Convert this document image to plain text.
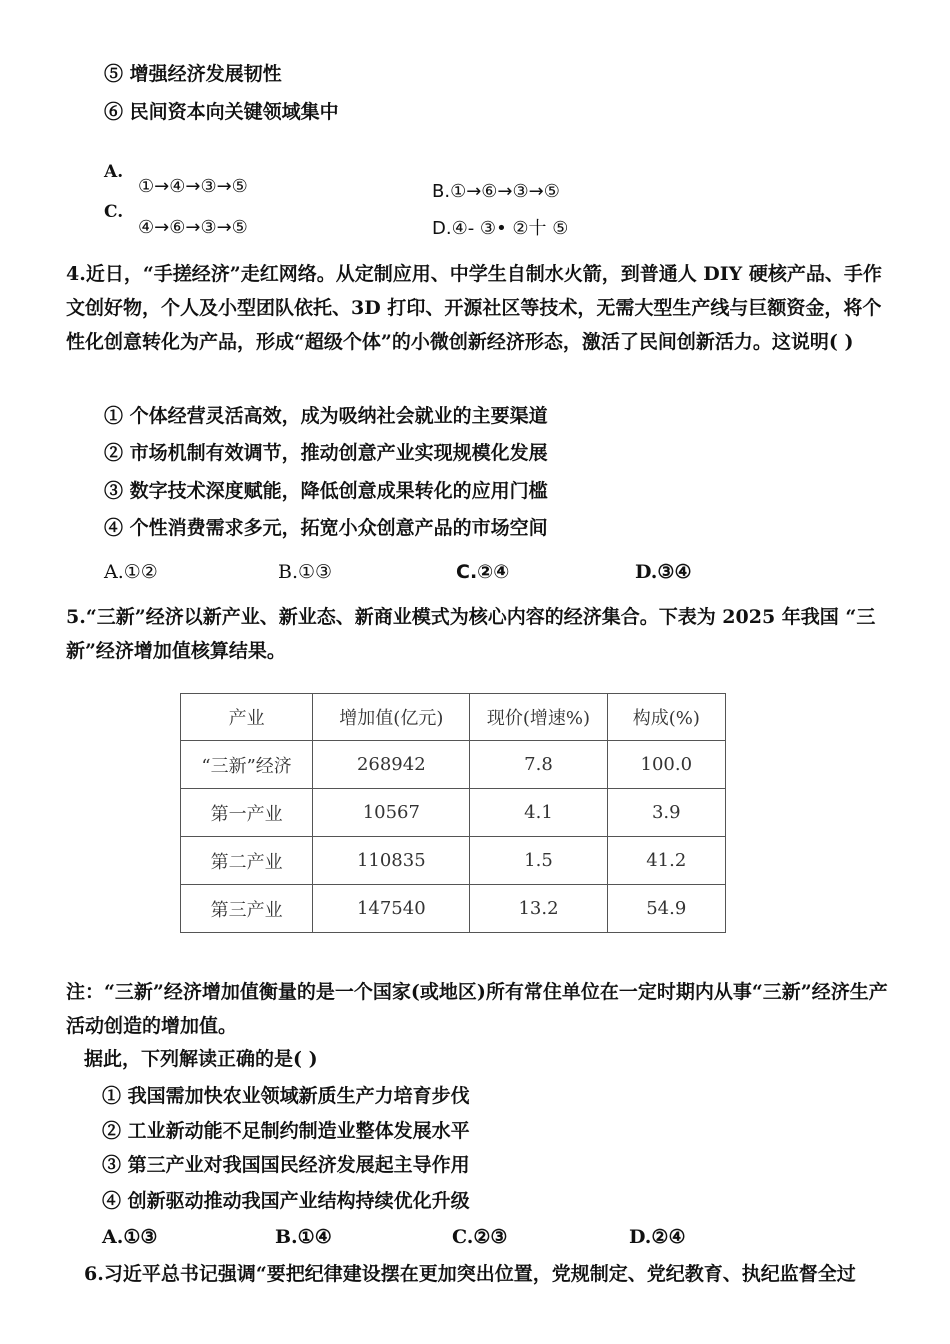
⑤ 增强经济发展韧性
⑥ 民间资本向关键领域集中
A.
①→④→③→⑤
C.
④→⑥→③→⑤
B.①→⑥→③→⑤
D.④- ③• ②十 ⑤
4.近日，“手搓经济”走红网络。从定制应用、中学生自制水火箭，到普通人 DIY 硬核产品、手作文创好物，个人及小型团队依托、3D 打印、开源社区等技术，无需大型生产线与巨额资金，将个性化创意转化为产品，形成“超级个体”的小微创新经济形态，激活了民间创新活力。这说明( )
① 个体经营灵活高效，成为吸纳社会就业的主要渠道
② 市场机制有效调节，推动创意产业实现规模化发展
③ 数字技术深度赋能，降低创意成果转化的应用门槛
④ 个性消费需求多元，拓宽小众创意产品的市场空间
A.①②	B.①③	C.②④	D.③④
5.“三新”经济以新产业、新业态、新商业模式为核心内容的经济集合。下表为 2025 年我国 “三新”经济增加值核算结果。
产业	增加值(亿元)	现价(增速%)	构成(%)
“三新”经济	268942	7.8	100.0
第一产业	10567	4.1	3.9
第二产业	110835	1.5	41.2
第三产业	147540	13.2	54.9
注：“三新”经济增加值衡量的是一个国家(或地区)所有常住单位在一定时期内从事“三新”经济生产活动创造的增加值。
据此，下列解读正确的是( )
① 我国需加快农业领域新质生产力培育步伐
② 工业新动能不足制约制造业整体发展水平
③ 第三产业对我国国民经济发展起主导作用
④ 创新驱动推动我国产业结构持续优化升级
A.①③	B.①④	C.②③	D.②④
6.习近平总书记强调“要把纪律建设摆在更加突出位置，党规制定、党纪教育、执纪监督全过
